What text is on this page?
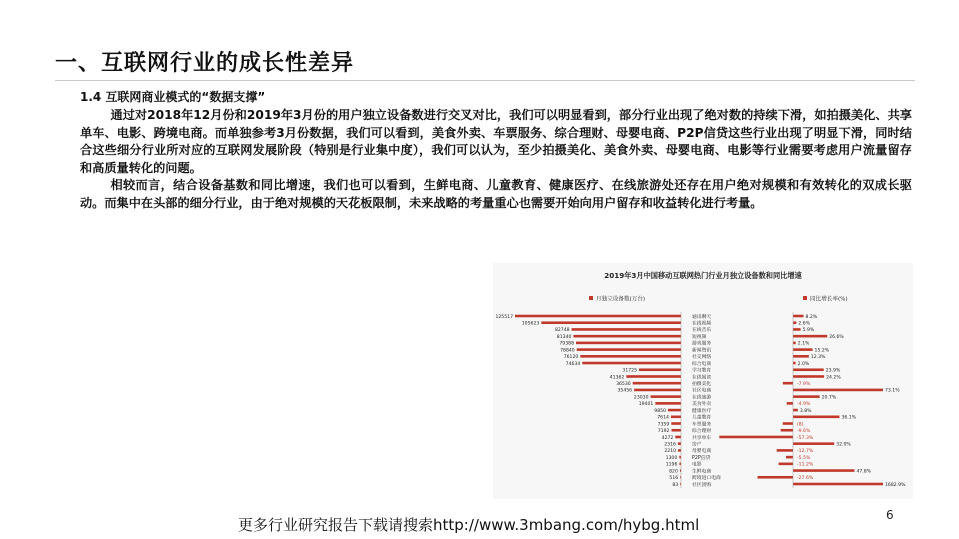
一、互联网行业的成长性差异
1.4 互联网商业模式的“数据支撑”

通过对2018年12月份和2019年3月份的用户独立设备数进行交叉对比，我们可以明显看到，部分行业出现了绝对数的持续下滑，如拍摄美化、共享单车、电影、跨境电商。而单独参考3月份数据，我们可以看到，美食外卖、车票服务、综合理财、母婴电商、P2P信贷这些行业出现了明显下滑，同时结合这些细分行业所对应的互联网发展阶段（特别是行业集中度），我们可以认为，至少拍摄美化、美食外卖、母婴电商、电影等行业需要考虑用户流量留存和高质量转化的问题。

相较而言，结合设备基数和同比增速，我们也可以看到，生鲜电商、儿童教育、健康医疗、在线旅游处还存在用户绝对规模和有效转化的双成长驱动。而集中在头部的细分行业，由于绝对规模的天花板限制，未来战略的考量重心也需要开始向用户留存和收益转化进行考量。

2019年3月中国移动互联网热门行业月独立设备数和同比增速
月独立设备数(万台)	同比增长率(%)
125517	通讯聊天	8.2%
105623	在线视频	2.6%
82748	在线音乐	5.9%
81340	短视频	26.6%
79388	游戏服务	2.1%
78840	新闻资讯	15.2%
76120	社交网络	12.3%
74634	综合电商	2.0%
31725	学习教育	23.9%
41362	在线阅读	24.2%
36530	拍摄美化	-7.9%
35456	社区电商	73.1%
23030	在线旅游	20.7%
19401	美食外卖	-4.9%
9850	健康医疗	3.8%
7614	儿童教育	36.1%
7359	车票服务	(8)
7192	综合理财	-9.6%
4272	共享单车	-57.3%
2316	房产	32.0%
2210	母婴电商	-12.7%
1300	P2P信贷	-5.5%
1196	电影	-11.2%
820	生鲜电商	47.8%
516	跨境进口电商	-27.6%
83	社区团购	1682.9%
更多行业研究报告下载请搜索http://www.3mbang.com/hybg.html
6
